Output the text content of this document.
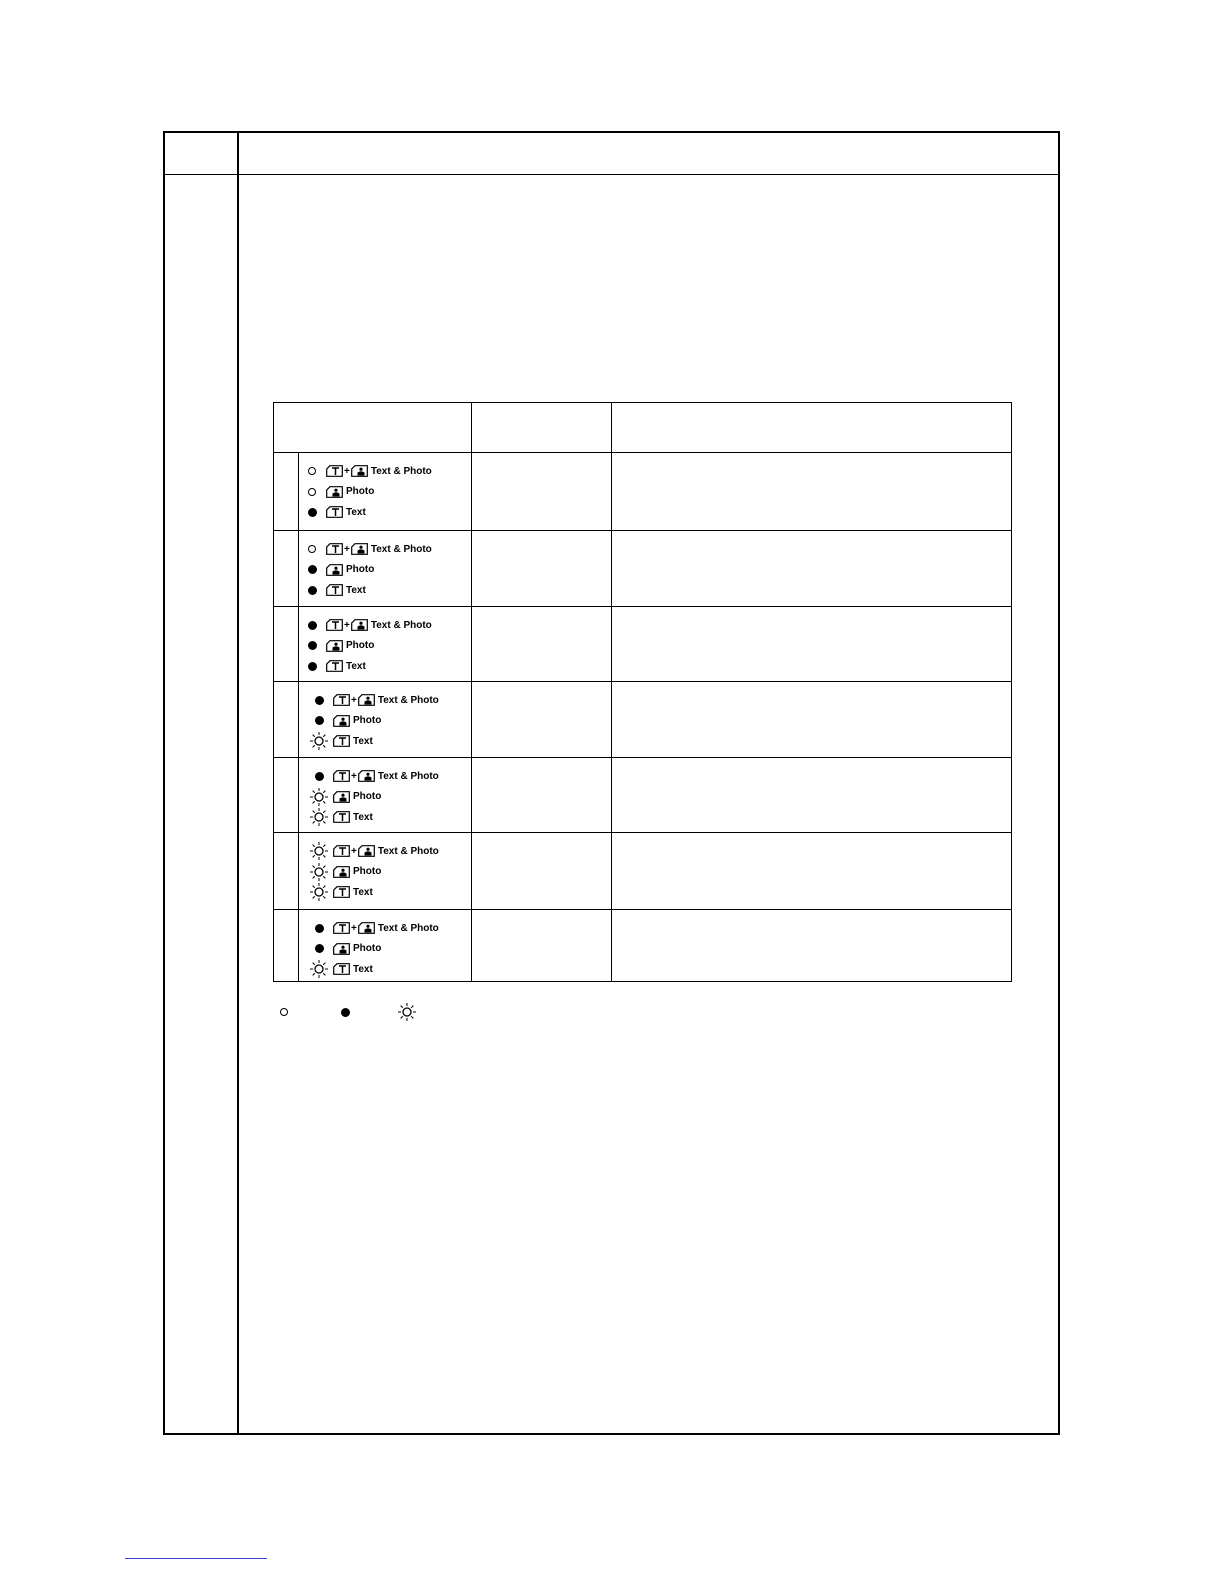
+ Text & Photo
Photo
Text
+ Text & Photo
Photo
Text
+ Text & Photo
Photo
Text
+ Text & Photo
Photo
Text
+ Text & Photo
Photo
Text
+ Text & Photo
Photo
Text
+ Text & Photo
Photo
Text
